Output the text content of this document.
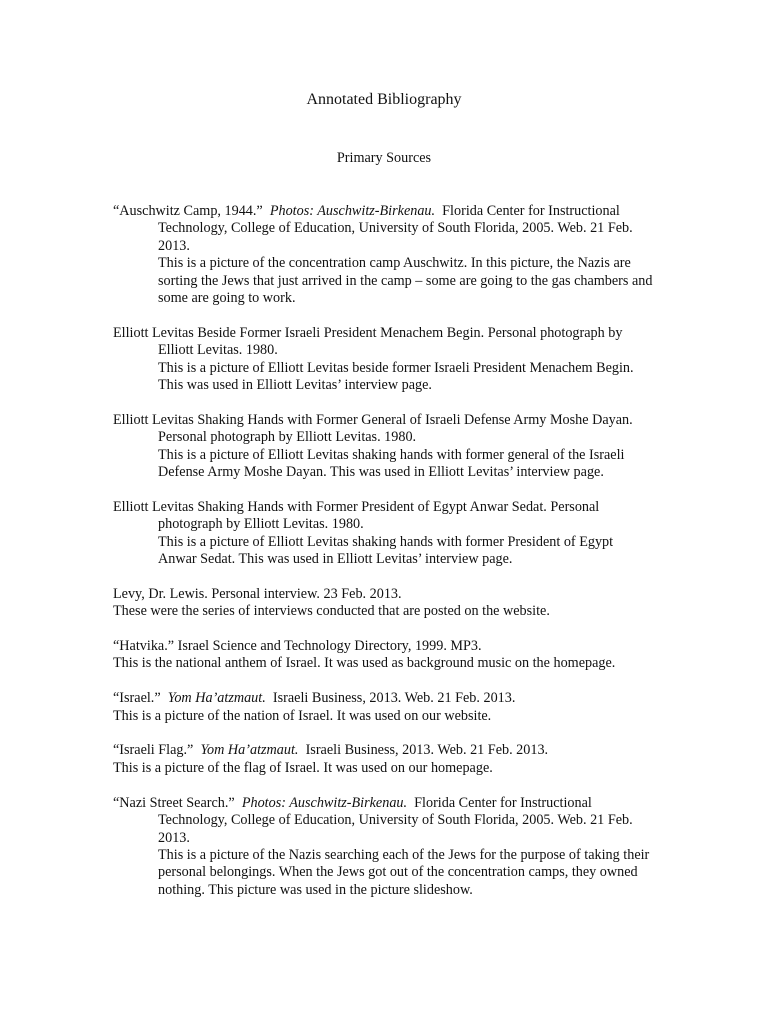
Annotated Bibliography
Primary Sources
“Auschwitz Camp, 1944.” Photos: Auschwitz-Birkenau. Florida Center for Instructional Technology, College of Education, University of South Florida, 2005. Web. 21 Feb. 2013.
This is a picture of the concentration camp Auschwitz. In this picture, the Nazis are sorting the Jews that just arrived in the camp – some are going to the gas chambers and some are going to work.
Elliott Levitas Beside Former Israeli President Menachem Begin. Personal photograph by Elliott Levitas. 1980.
This is a picture of Elliott Levitas beside former Israeli President Menachem Begin. This was used in Elliott Levitas’ interview page.
Elliott Levitas Shaking Hands with Former General of Israeli Defense Army Moshe Dayan. Personal photograph by Elliott Levitas. 1980.
This is a picture of Elliott Levitas shaking hands with former general of the Israeli Defense Army Moshe Dayan. This was used in Elliott Levitas’ interview page.
Elliott Levitas Shaking Hands with Former President of Egypt Anwar Sedat. Personal photograph by Elliott Levitas. 1980.
This is a picture of Elliott Levitas shaking hands with former President of Egypt Anwar Sedat. This was used in Elliott Levitas’ interview page.
Levy, Dr. Lewis. Personal interview. 23 Feb. 2013.
These were the series of interviews conducted that are posted on the website.
“Hatvika.” Israel Science and Technology Directory, 1999. MP3.
This is the national anthem of Israel. It was used as background music on the homepage.
“Israel.” Yom Ha’atzmaut. Israeli Business, 2013. Web. 21 Feb. 2013.
This is a picture of the nation of Israel. It was used on our website.
“Israeli Flag.” Yom Ha’atzmaut. Israeli Business, 2013. Web. 21 Feb. 2013.
This is a picture of the flag of Israel. It was used on our homepage.
“Nazi Street Search.” Photos: Auschwitz-Birkenau. Florida Center for Instructional Technology, College of Education, University of South Florida, 2005. Web. 21 Feb. 2013.
This is a picture of the Nazis searching each of the Jews for the purpose of taking their personal belongings. When the Jews got out of the concentration camps, they owned nothing. This picture was used in the picture slideshow.
